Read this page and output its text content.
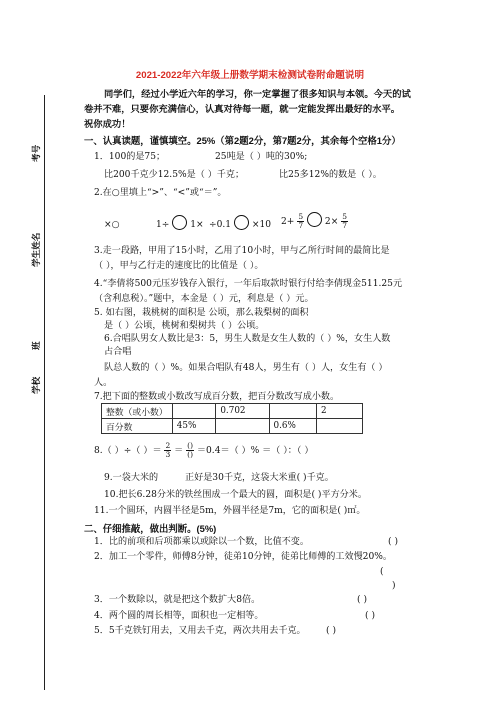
2021-2022年六年级上册数学期末检测试卷附命题说明
考号
学生姓名
班
学校
同学们，经过小学近六年的学习，你一定掌握了很多知识与本领。今天的试
卷并不难，只要你充满信心，认真对待每一题，就一定能发挥出最好的水平。
祝你成功！
一、认真读题，谨慎填空。25%（第2题2分，第7题2分，其余每个空格1分）
1．100的是75；	25吨是（ ）吨的30%;
比200千克少12.5%是（ ）千克；	比25多12%的数是（ ）。
2.在○里填上“>”、“<”或“＝”。
×○	1÷ 1× ÷0.1 ×10 $2+ \frac{5}{7} 2\times \frac{5}{7}$
3.走一段路，甲用了15小时，乙用了10小时，甲与乙所行时间的最简比是
（ ），甲与乙行走的速度比的比值是（ ）。
4.“李倩将500元压岁钱存入银行，一年后取款时银行付给李倩现金511.25元
（含利息税）。”题中，本金是（ ）元，利息是（ ）元。
5. 如右图，栽桃树的面积是 公顷，那么栽梨树的面积
是（ ）公顷，桃树和梨树共（ ）公顷。
6.合唱队男女人数比是3：5，男生人数是女生人数的（ ）%，女生人数
占合唱
队总人数的（ ）%。如果合唱队有48人，男生有（ ）人，女生有（ ）
人。
7.把下面的整数或小数改写成百分数，把百分数改写成小数。
整数（或小数）		0.702		2
百分数	45%		0.6%	
8.（ ）÷（ ）＝ $\frac{2}{3} = \frac{()}{()} =0.4=$（ ）% ＝（ ）：（ ）
9.一袋大米的	正好是30千克，这袋大米重( )千克。
10.把长6.28分米的铁丝围成一个最大的圆，面积是( )平方分米。
11.一个圆环，内圆半径是5m，外圆半径是7m，它的面积是( )㎡。
二、仔细推敲，做出判断。(5%)
1．比的前项和后项都乘以或除以一个数，比值不变。	( )
2．加工一个零件，师傅8分钟，徒弟10分钟，徒弟比师傅的工效慢20%。
(
)
3．一个数除以，就是把这个数扩大8倍。	( )
4．两个圆的周长相等，面积也一定相等。	( )
5．5千克铁钉用去，又用去千克，两次共用去千克。 ( )
